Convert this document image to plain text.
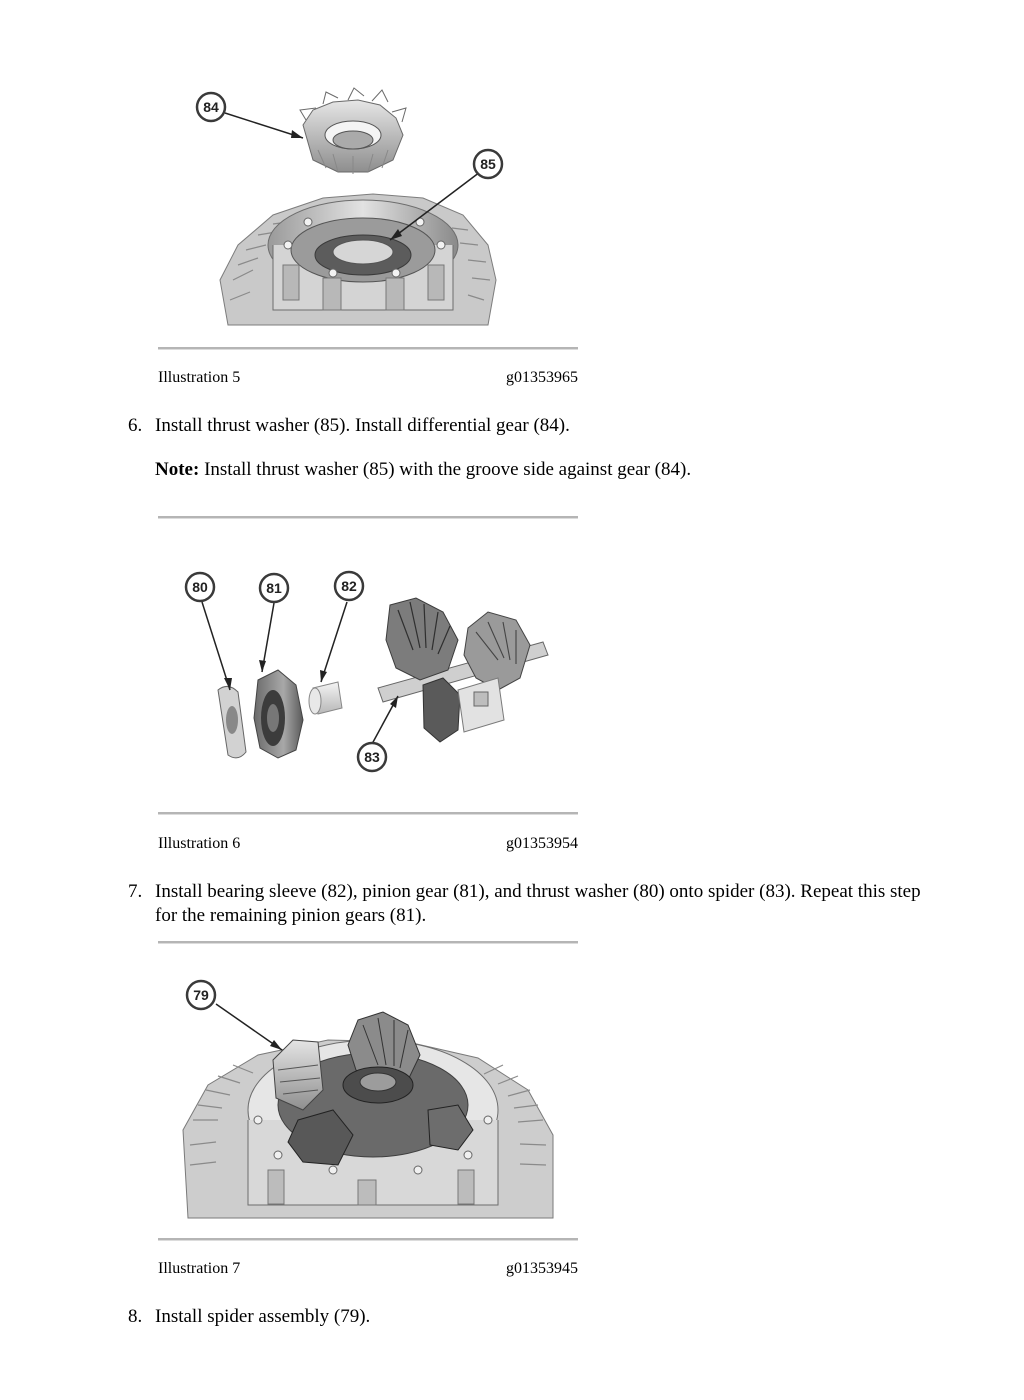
84
85
Illustration 5	g01353965
6. Install thrust washer (85). Install differential gear (84).
Note: Install thrust washer (85) with the groove side against gear (84).
80	81	82
83
Illustration 6	g01353954
7. Install bearing sleeve (82), pinion gear (81), and thrust washer (80) onto spider (83). Repeat this step for the remaining pinion gears (81).
79
Illustration 7	g01353945
8. Install spider assembly (79).
